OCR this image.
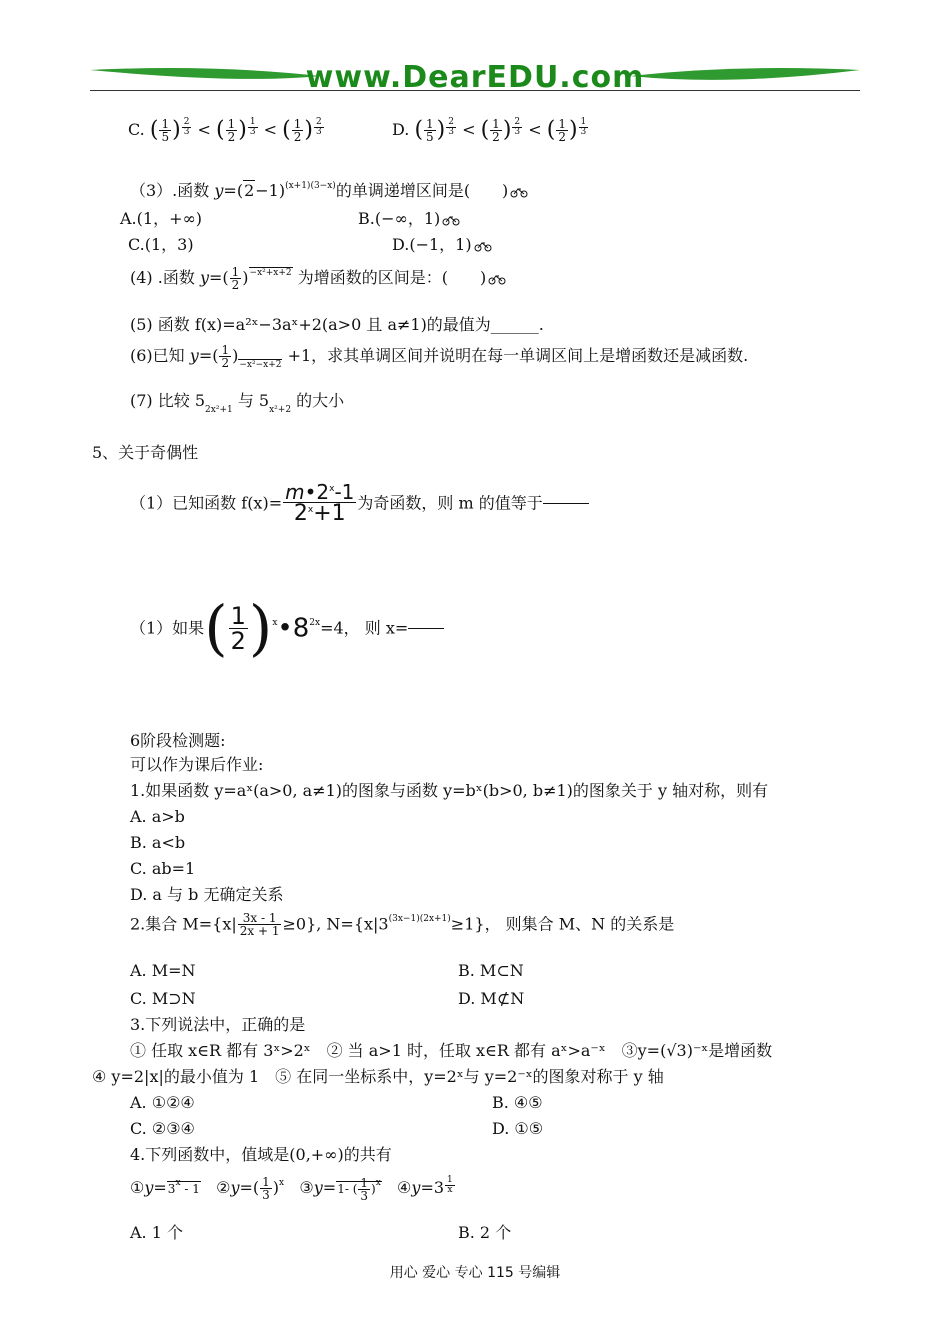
www.DearEDU.com
C. ( $\frac{1}{5}$ ) $\frac{2}{3}$ < ( $\frac{1}{2}$ ) $\frac{1}{3}$ < ( $\frac{1}{2}$ ) $\frac{2}{3}$	D. ( $\frac{1}{5}$ ) $\frac{2}{3}$ < ( $\frac{1}{2}$ ) $\frac{2}{3}$ < ( $\frac{1}{2}$ ) $\frac{1}{3}$
（3）.函数 $y=(2-1)^{(x+1)(3-x)}$的单调递增区间是(　　)
A.(1，+∞)	B.(−∞，1)
C.(1，3)	D.(−1，1)
(4) .函数 $y=( \frac{1}{2} )^{-x^2+x+2}$ 为增函数的区间是：(　　)
(5) 函数 f(x)=a²ˣ−3aˣ+2(a>0 且 a≠1)的最值为______.
(6)已知 $y=( \frac{1}{2} )_{-x^2-x+2} +1$，求其单调区间并说明在每一单调区间上是增函数还是减函数.
(7) 比较 $5_{2x^2+1}$ 与 $5_{x^2+2}$ 的大小
5、关于奇偶性
（1）已知函数 $f(x)= \frac{m•2^x-1}{2^x+1}$ 为奇函数，则 m 的值等于
（1）如果( $\frac{1}{2}$ )$^x•8^{2x}=4$， 则 x=
6阶段检测题:
可以作为课后作业:
1.如果函数 y=aˣ(a>0, a≠1)的图象与函数 y=bˣ(b>0, b≠1)的图象关于 y 轴对称，则有
A. a>b
B. a<b
C. ab=1
D. a 与 b 无确定关系
2.集合 $M=\{x| \frac{3x - 1}{2x + 1} \ge 0\}$, $N=\{x|3^{(3x-1)(2x+1)}\ge 1\}$， 则集合 M、N 的关系是
A. M=N	B. M⊂N
C. M⊃N	D. M⊄N
3.下列说法中，正确的是
① 任取 x∈R 都有 3ˣ>2ˣ　② 当 a>1 时，任取 x∈R 都有 aˣ>a⁻ˣ　③y=(√3)⁻ˣ是增函数
④ y=2|x|的最小值为 1　⑤ 在同一坐标系中，y=2ˣ与 y=2⁻ˣ的图象对称于 y 轴
A. ①②④	B. ④⑤
C. ②③④	D. ①⑤
4.下列函数中，值域是(0,+∞)的共有
$①y=3^x - 1$   ②y=( $\frac{1}{3} )^x$   ③y=1- ( $\frac{1}{3} )^x$   ④y=3 $\frac{1}{x}$
A. 1 个	B. 2 个
用心 爱心 专心 115 号编辑
